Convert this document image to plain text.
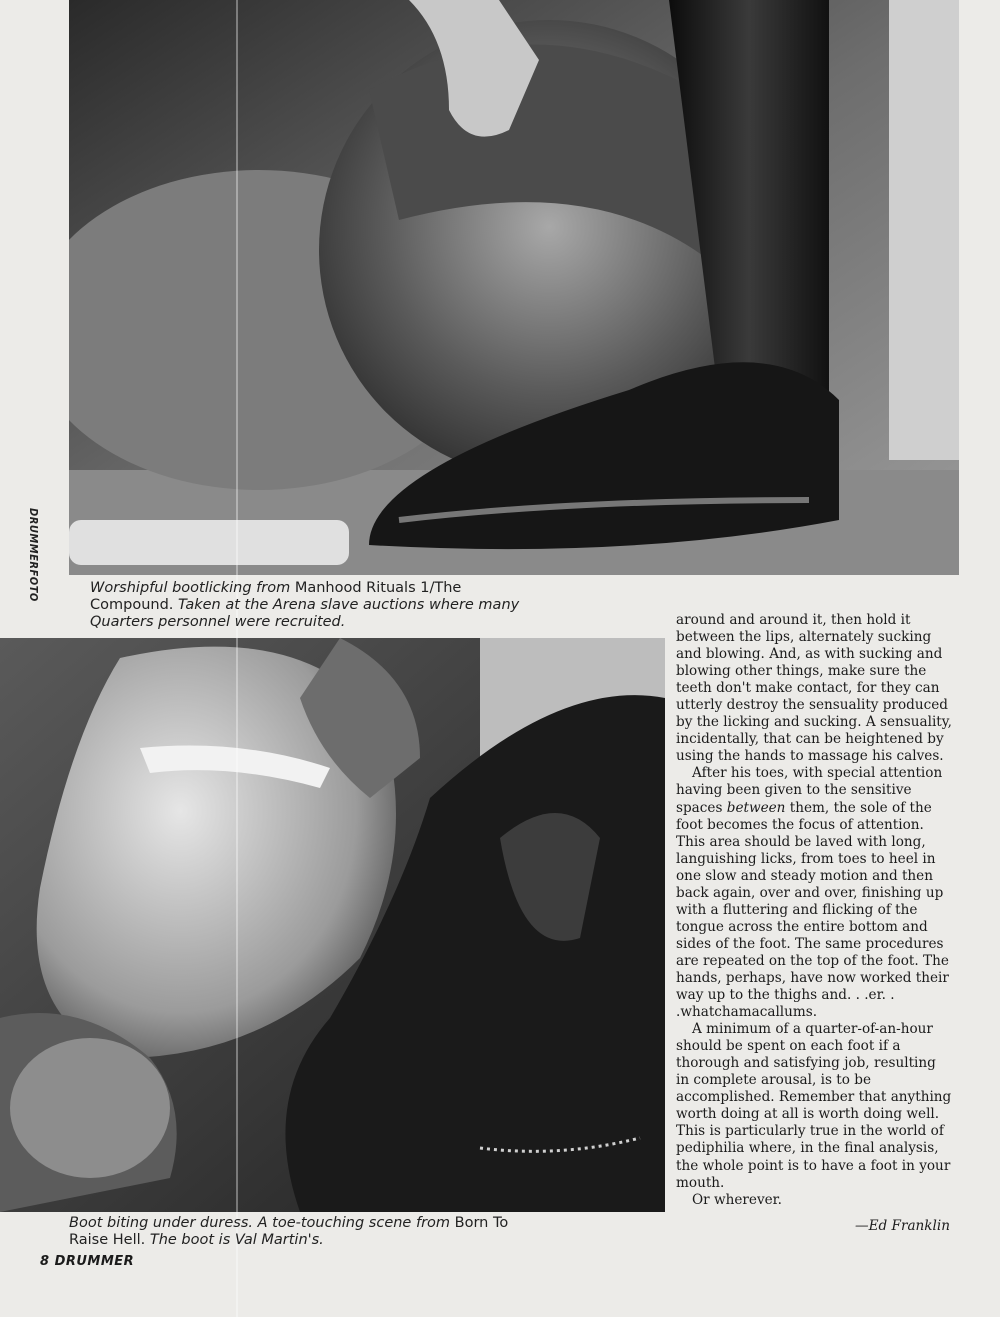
DRUMMERFOTO	Worshipful bootlicking from Manhood Rituals 1/The Compound. Taken at the Arena slave auctions where many Quarters personnel were recruited.
Boot biting under duress. A toe-touching scene from Born To Raise Hell. The boot is Val Martin's.

around and around it, then hold it between the lips, alternately sucking and blowing. And, as with sucking and blowing other things, make sure the teeth don't make contact, for they can utterly destroy the sensuality produced by the licking and sucking. A sensuality, incidentally, that can be heightened by using the hands to massage his calves.

After his toes, with special attention having been given to the sensitive spaces between them, the sole of the foot becomes the focus of attention. This area should be laved with long, languishing licks, from toes to heel in one slow and steady motion and then back again, over and over, finishing up with a fluttering and flicking of the tongue across the entire bottom and sides of the foot. The same procedures are repeated on the top of the foot. The hands, perhaps, have now worked their way up to the thighs and. . .er. . .whatchamacallums.

A minimum of a quarter-of-an-hour should be spent on each foot if a thorough and satisfying job, resulting in complete arousal, is to be accomplished. Remember that anything worth doing at all is worth doing well. This is particularly true in the world of pediphilia where, in the final analysis, the whole point is to have a foot in your mouth.

Or wherever.

—Ed Franklin
8 DRUMMER
